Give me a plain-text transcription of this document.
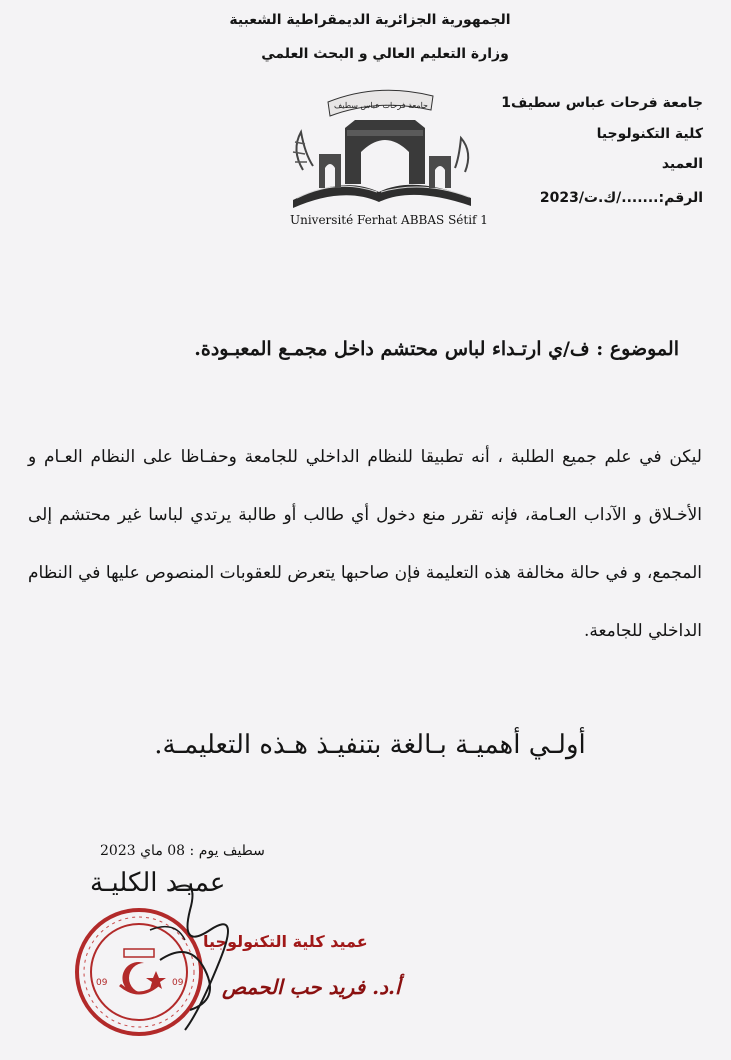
الجمهورية الجزائرية الديمقراطية الشعبية
وزارة التعليم العالي و البحث العلمي
جامعة فرحات عباس سطيف1
كلية التكنولوجيا
العميد
الرقم:......./ك.ت/2023
جامعة فرحات عباس سطيف
Université Ferhat ABBAS Sétif 1
الموضوع : ف/ي ارتـداء لباس محتشم داخل مجمـع المعبـودة.
ليكن في علم جميع الطلبة ، أنه تطبيقا للنظام الداخلي للجامعة وحفـاظا على النظام العـام و الأخـلاق و الآداب العـامة، فإنه تقرر منع دخول أي طالب أو طالبة يرتدي لباسا غير محتشم إلى المجمع، و في حالة مخالفة هذه التعليمة فإن صاحبها يتعرض للعقوبات المنصوص عليها في النظام الداخلي للجامعة.
أولـي أهميـة بـالغة بتنفيـذ هـذه التعليمـة.
سطيف يوم : 08 ماي 2023
عميـد الكليـة
09	09
عميد كلية التكنولوجيا
أ.د. فريد حب الحمص
